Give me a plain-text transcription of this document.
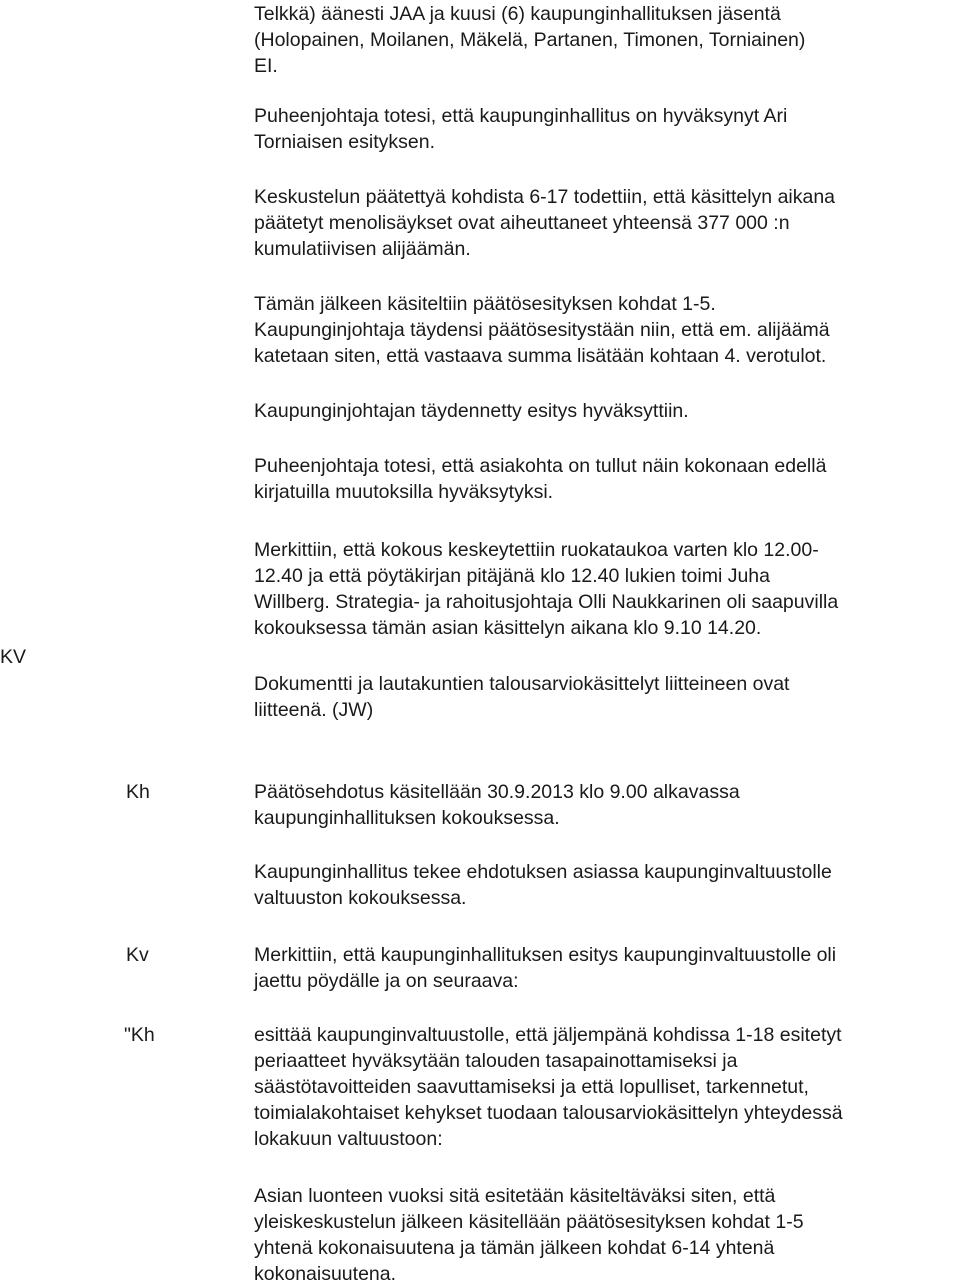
Telkkä) äänesti JAA ja kuusi (6) kaupunginhallituksen jäsentä
(Holopainen, Moilanen, Mäkelä, Partanen, Timonen, Torniainen)
EI.

Puheenjohtaja totesi, että kaupunginhallitus on hyväksynyt Ari
Torniaisen esityksen.

Keskustelun päätettyä kohdista 6-17 todettiin, että käsittelyn aikana
päätetyt menolisäykset ovat aiheuttaneet yhteensä 377 000 :n
kumulatiivisen alijäämän.

Tämän jälkeen käsiteltiin päätösesityksen kohdat 1-5.
Kaupunginjohtaja täydensi päätösesitystään niin, että em. alijäämä
katetaan siten, että vastaava summa lisätään kohtaan 4. verotulot.

Kaupunginjohtajan täydennetty esitys hyväksyttiin.

Puheenjohtaja totesi, että asiakohta on tullut näin kokonaan edellä
kirjatuilla muutoksilla hyväksytyksi.

Merkittiin, että kokous keskeytettiin ruokataukoa varten klo 12.00-
12.40 ja että pöytäkirjan pitäjänä klo 12.40 lukien toimi Juha
Willberg. Strategia- ja rahoitusjohtaja Olli Naukkarinen oli saapuvilla
kokouksessa tämän asian käsittelyn aikana klo 9.10 14.20.

KV

Dokumentti ja lautakuntien talousarviokäsittelyt liitteineen ovat
liitteenä. (JW)

Kh	Päätösehdotus käsitellään 30.9.2013 klo 9.00 alkavassa
kaupunginhallituksen kokouksessa.

Kaupunginhallitus tekee ehdotuksen asiassa kaupunginvaltuustolle
valtuuston kokouksessa.

Kv	Merkittiin, että kaupunginhallituksen esitys kaupunginvaltuustolle oli
jaettu pöydälle ja on seuraava:

"Kh	esittää kaupunginvaltuustolle, että jäljempänä kohdissa 1-18 esitetyt
periaatteet hyväksytään talouden tasapainottamiseksi ja
säästötavoitteiden saavuttamiseksi ja että lopulliset, tarkennetut,
toimialakohtaiset kehykset tuodaan talousarviokäsittelyn yhteydessä
lokakuun valtuustoon:

Asian luonteen vuoksi sitä esitetään käsiteltäväksi siten, että
yleiskeskustelun jälkeen käsitellään päätösesityksen kohdat 1-5
yhtenä kokonaisuutena ja tämän jälkeen kohdat 6-14 yhtenä
kokonaisuutena.
